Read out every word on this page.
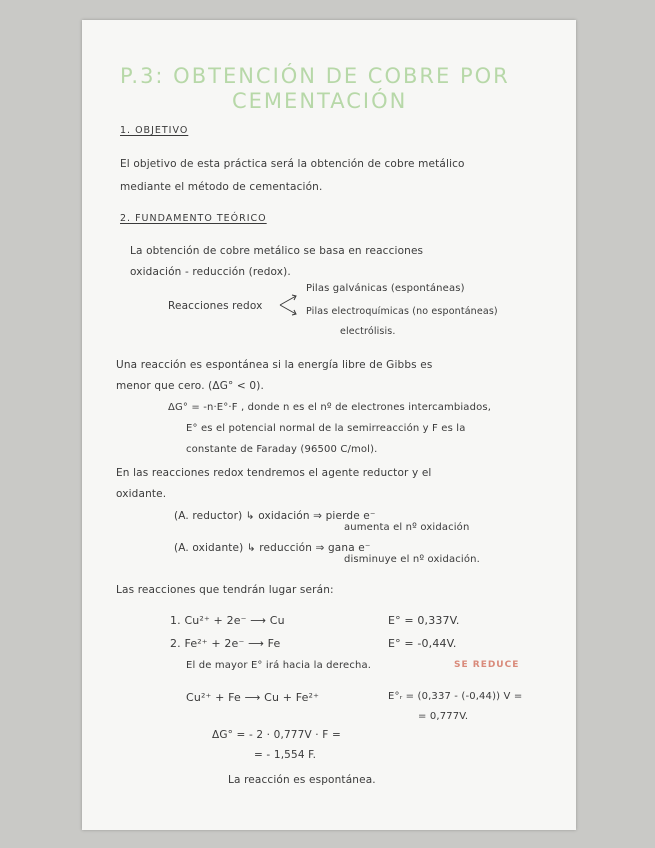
P.3: OBTENCIÓN DE COBRE POR
CEMENTACIÓN
1. OBJETIVO
El objetivo de esta práctica será la obtención de cobre metálico
mediante el método de cementación.
2. FUNDAMENTO TEÓRICO
La obtención de cobre metálico se basa en reacciones
oxidación - reducción (redox).
Reacciones redox
Pilas galvánicas (espontáneas)
Pilas electroquímicas (no espontáneas)
electrólisis.
Una reacción es espontánea si la energía libre de Gibbs es
menor que cero. (ΔG° < 0).
ΔG° = -n·E°·F , donde n es el nº de electrones intercambiados,
E° es el potencial normal de la semirreacción y F es la
constante de Faraday (96500 C/mol).
En las reacciones redox tendremos el agente reductor y el
oxidante.
(A. reductor) ↳ oxidación ⇒ pierde e⁻
aumenta el nº oxidación
(A. oxidante) ↳ reducción ⇒ gana e⁻
disminuye el nº oxidación.
Las reacciones que tendrán lugar serán:
1. Cu²⁺ + 2e⁻ ⟶ Cu	E° = 0,337V.
2. Fe²⁺ + 2e⁻ ⟶ Fe	E° = -0,44V.
El de mayor E° irá hacia la derecha.	SE REDUCE
Cu²⁺ + Fe ⟶ Cu + Fe²⁺	E°ᵣ = (0,337 - (-0,44)) V =
= 0,777V.
ΔG° = - 2 · 0,777V · F =
= - 1,554 F.
La reacción es espontánea.
